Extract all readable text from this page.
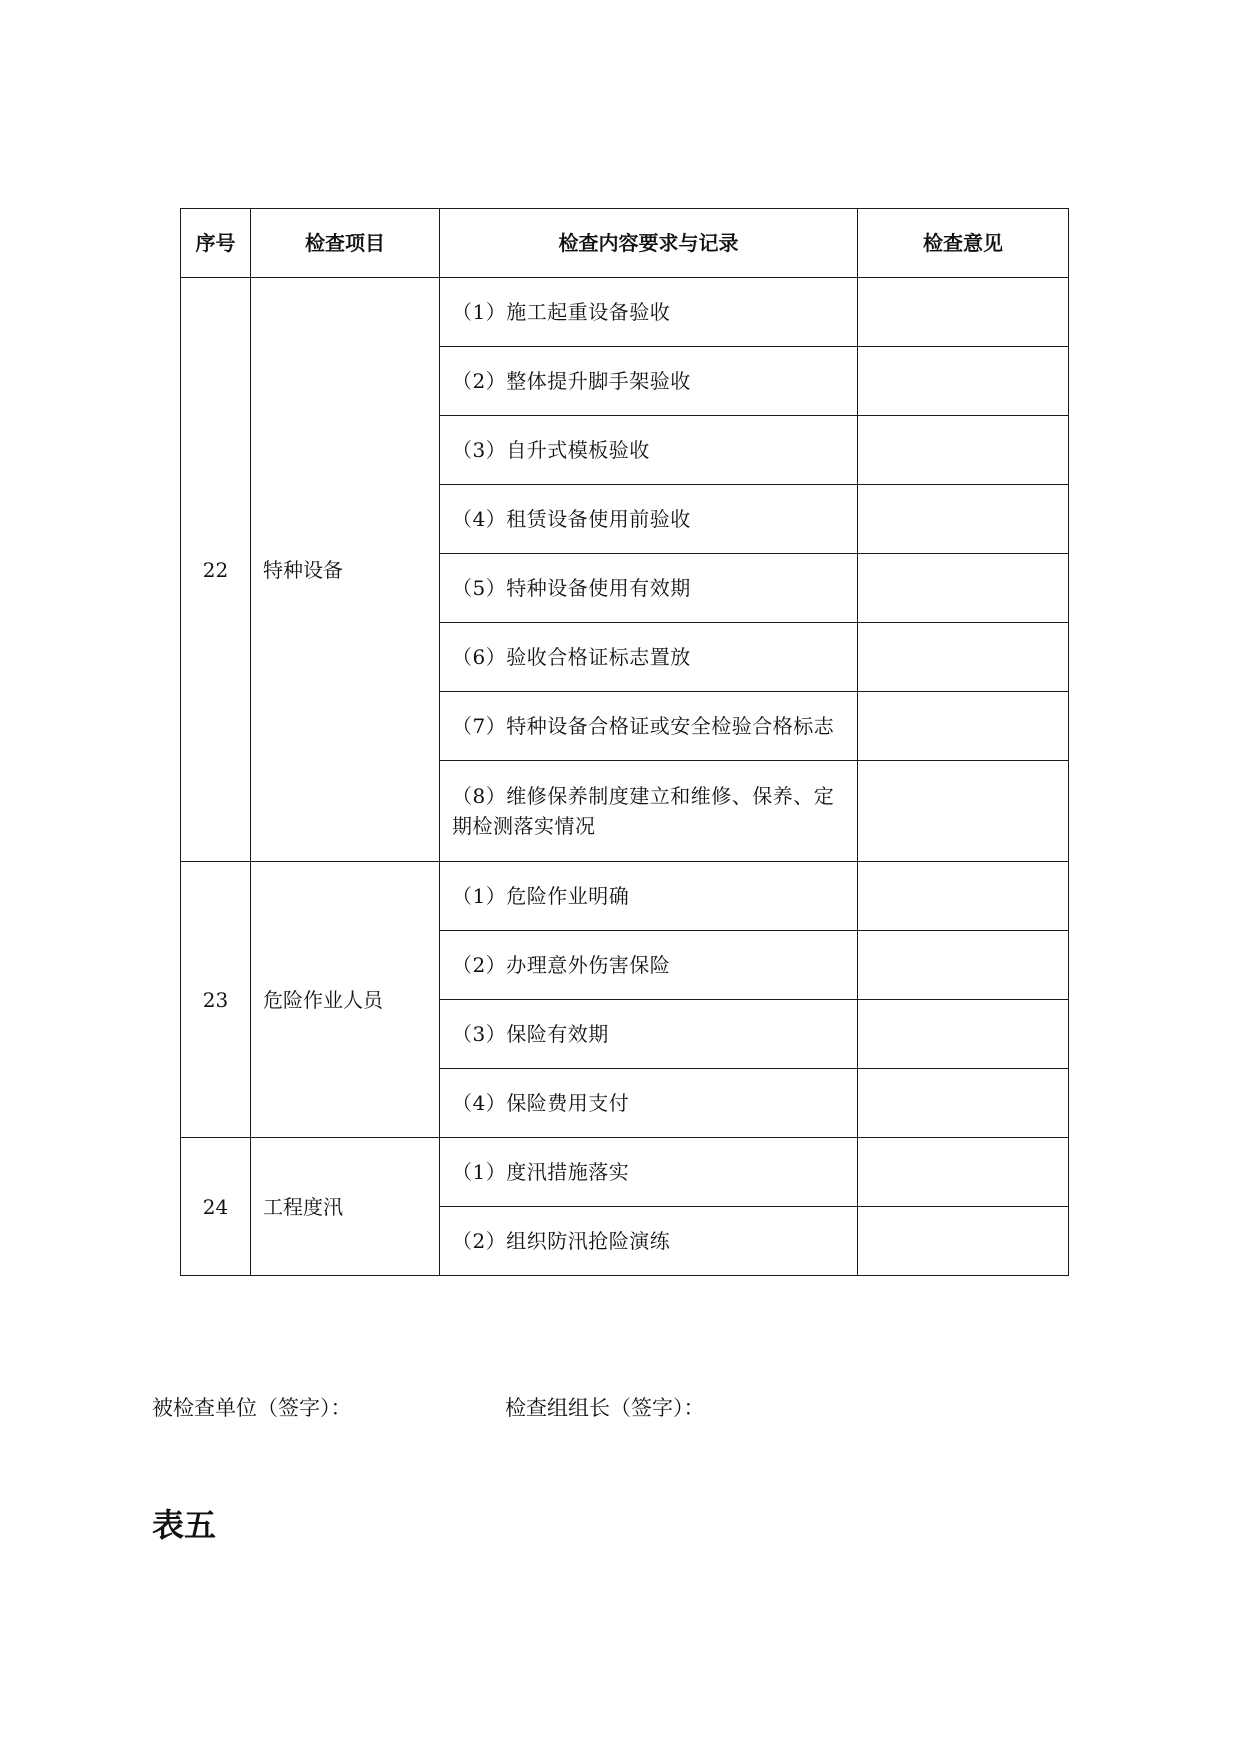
序号	检查项目	检查内容要求与记录	检查意见
22	特种设备	（1）施工起重设备验收	
		（2）整体提升脚手架验收	
		（3）自升式模板验收	
		（4）租赁设备使用前验收	
		（5）特种设备使用有效期	
		（6）验收合格证标志置放	
		（7）特种设备合格证或安全检验合格标志	
		（8）维修保养制度建立和维修、保养、定期检测落实情况	
23	危险作业人员	（1）危险作业明确	
		（2）办理意外伤害保险	
		（3）保险有效期	
		（4）保险费用支付	
24	工程度汛	（1）度汛措施落实	
		（2）组织防汛抢险演练	
被检查单位（签字）：	检查组组长（签字）：
表五
